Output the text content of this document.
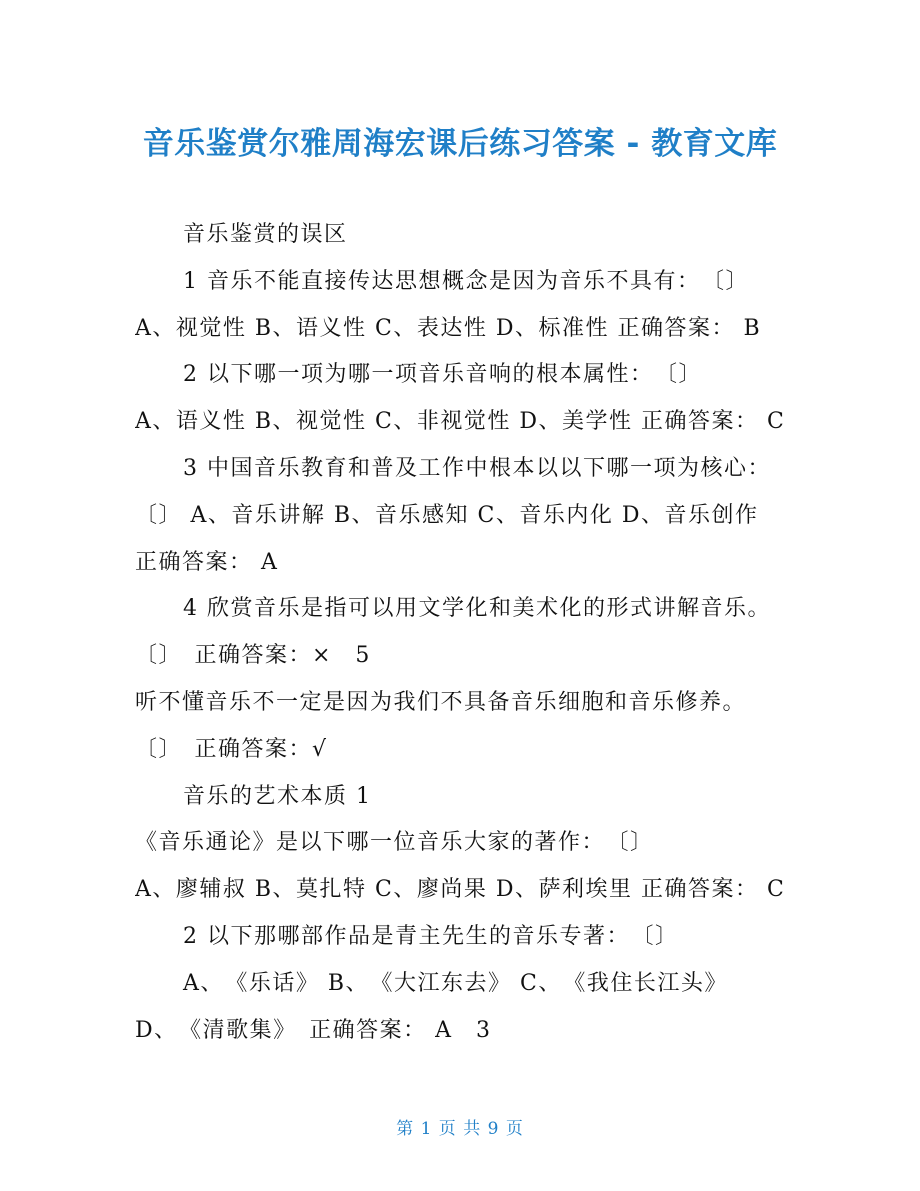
音乐鉴赏尔雅周海宏课后练习答案 - 教育文库
音乐鉴赏的误区
1 音乐不能直接传达思想概念是因为音乐不具有：　〔〕
A、视觉性 B、语义性 C、表达性 D、标准性 正确答案： B
2 以下哪一项为哪一项音乐音响的根本属性：　〔〕
A、语义性 B、视觉性 C、非视觉性 D、美学性 正确答案： C
3 中国音乐教育和普及工作中根本以以下哪一项为核心：
〔〕 A、音乐讲解 B、音乐感知 C、音乐内化 D、音乐创作
正确答案： A
4 欣赏音乐是指可以用文学化和美术化的形式讲解音乐。
〔〕　正确答案：×　5
听不懂音乐不一定是因为我们不具备音乐细胞和音乐修养。
〔〕　正确答案：√
音乐的艺术本质 1
《音乐通论》是以下哪一位音乐大家的著作：　〔〕
A、廖辅叔 B、莫扎特 C、廖尚果 D、萨利埃里 正确答案： C
2 以下那哪部作品是青主先生的音乐专著：　〔〕
A、　《乐话》 B、　《大江东去》 C、　《我住长江头》
D、　《清歌集》　正确答案： A　3
第 1 页 共 9 页
